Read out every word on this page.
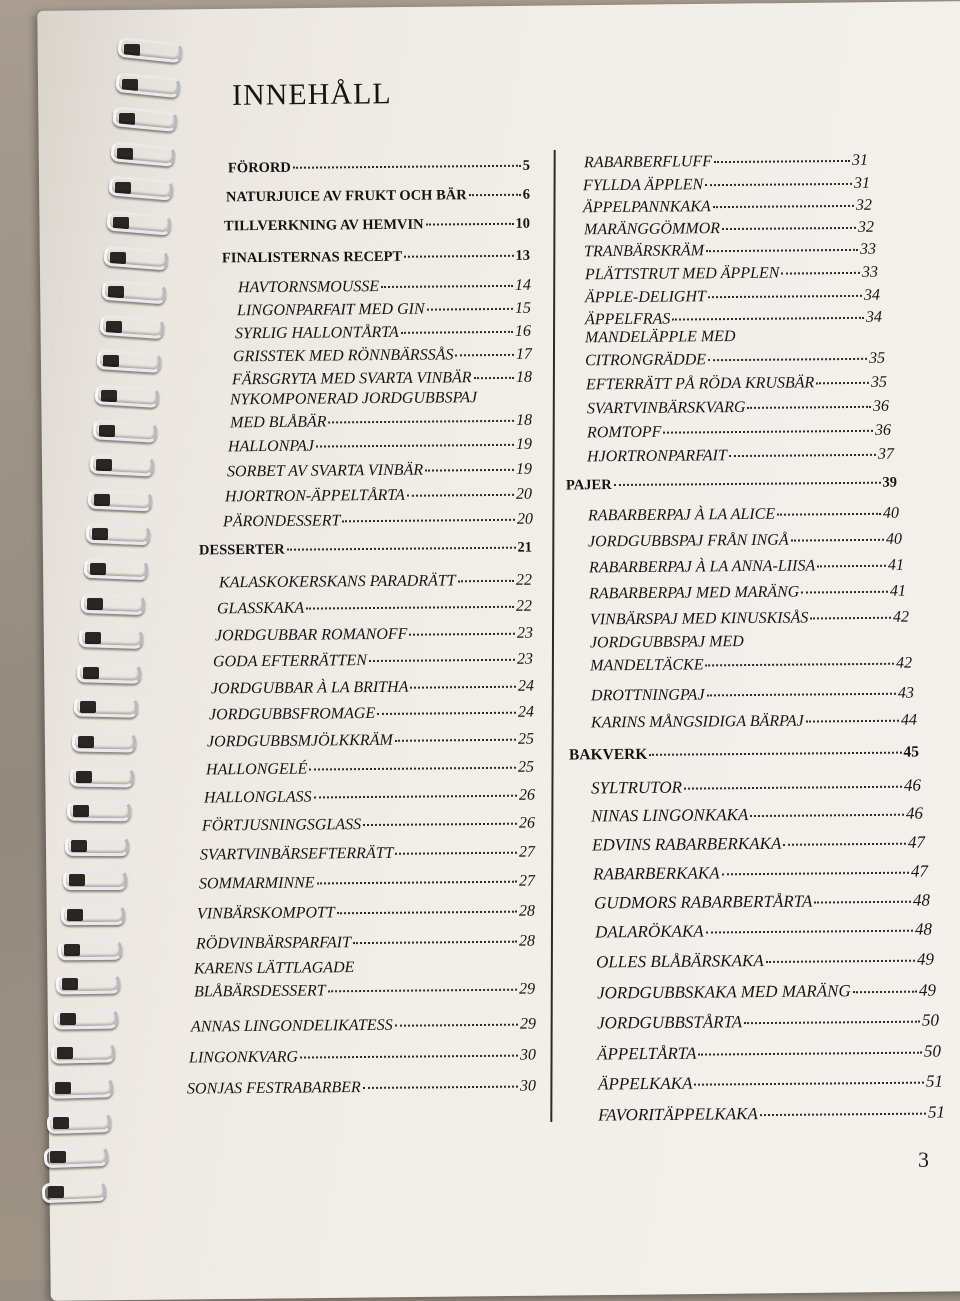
INNEHÅLL
FÖRORD	5
NATURJUICE AV FRUKT OCH BÄR	6
TILLVERKNING AV HEMVIN	10
FINALISTERNAS RECEPT	13
HAVTORNSMOUSSE	14
LINGONPARFAIT MED GIN	15
SYRLIG HALLONTÅRTA	16
GRISSTEK MED RÖNNBÄRSSÅS	17
FÄRSGRYTA MED SVARTA VINBÄR	18
NYKOMPONERAD JORDGUBBSPAJ
MED BLÅBÄR	18
HALLONPAJ	19
SORBET AV SVARTA VINBÄR	19
HJORTRON-ÄPPELTÅRTA	20
PÄRONDESSERT	20
DESSERTER	21
KALASKOKERSKANS PARADRÄTT	22
GLASSKAKA	22
JORDGUBBAR ROMANOFF	23
GODA EFTERRÄTTEN	23
JORDGUBBAR À LA BRITHA	24
JORDGUBBSFROMAGE	24
JORDGUBBSMJÖLKKRÄM	25
HALLONGELÉ	25
HALLONGLASS	26
FÖRTJUSNINGSGLASS	26
SVARTVINBÄRSEFTERRÄTT	27
SOMMARMINNE	27
VINBÄRSKOMPOTT	28
RÖDVINBÄRSPARFAIT	28
KARENS LÄTTLAGADE
BLÅBÄRSDESSERT	29
ANNAS LINGONDELIKATESS	29
LINGONKVARG	30
SONJAS FESTRABARBER	30
RABARBERFLUFF	31
FYLLDA ÄPPLEN	31
ÄPPELPANNKAKA	32
MARÄNGGÖMMOR	32
TRANBÄRSKRÄM	33
PLÄTTSTRUT MED ÄPPLEN	33
ÄPPLE-DELIGHT	34
ÄPPELFRAS	34
MANDELÄPPLE MED
CITRONGRÄDDE	35
EFTERRÄTT PÅ RÖDA KRUSBÄR	35
SVARTVINBÄRSKVARG	36
ROMTOPF	36
HJORTRONPARFAIT	37
PAJER	39
RABARBERPAJ À LA ALICE	40
JORDGUBBSPAJ FRÅN INGÅ	40
RABARBERPAJ À LA ANNA-LIISA	41
RABARBERPAJ MED MARÄNG	41
VINBÄRSPAJ MED KINUSKISÅS	42
JORDGUBBSPAJ MED
MANDELTÄCKE	42
DROTTNINGPAJ	43
KARINS MÅNGSIDIGA BÄRPAJ	44
BAKVERK	45
SYLTRUTOR	46
NINAS LINGONKAKA	46
EDVINS RABARBERKAKA	47
RABARBERKAKA	47
GUDMORS RABARBERTÅRTA	48
DALARÖKAKA	48
OLLES BLÅBÄRSKAKA	49
JORDGUBBSKAKA MED MARÄNG	49
JORDGUBBSTÅRTA	50
ÄPPELTÅRTA	50
ÄPPELKAKA	51
FAVORITÄPPELKAKA	51
3
